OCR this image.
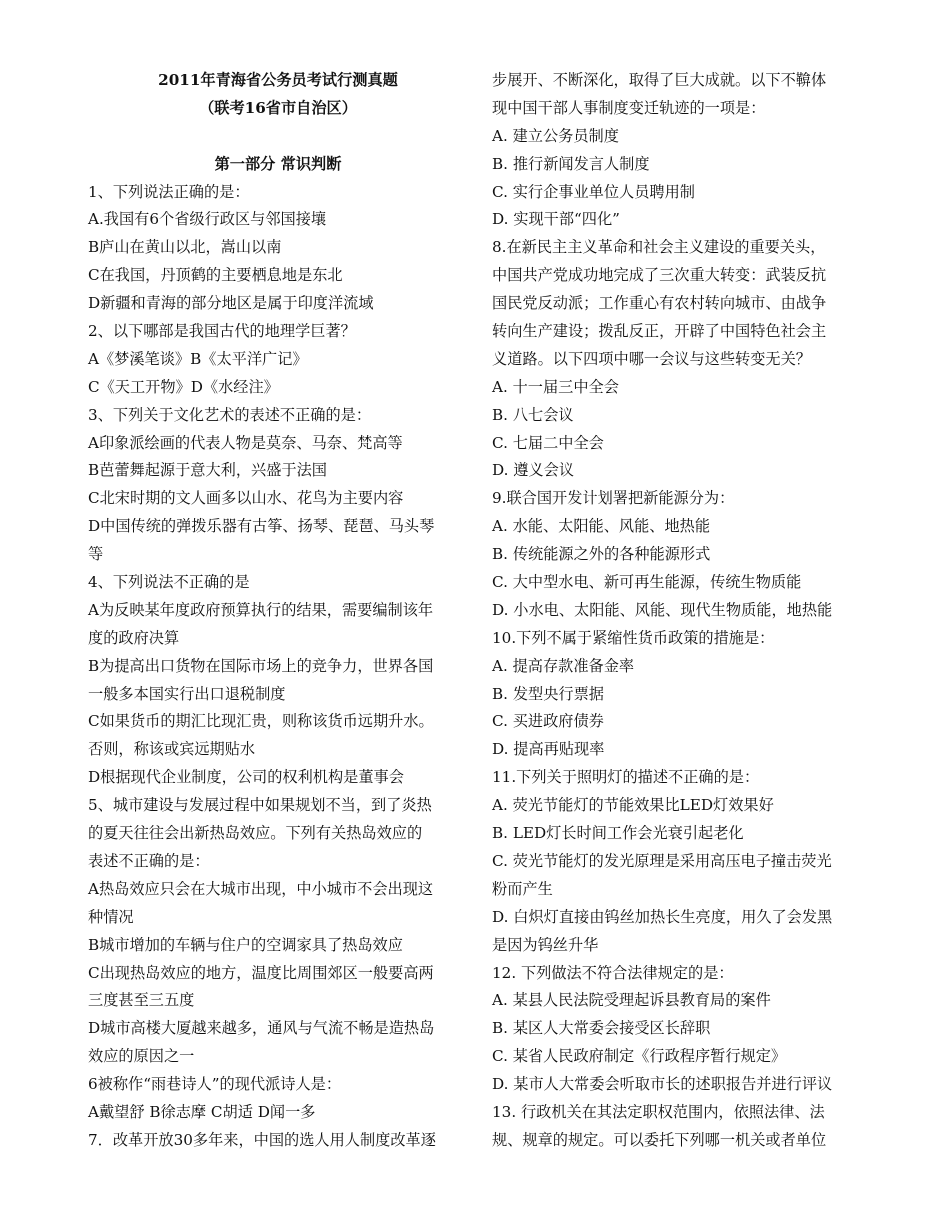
2011年青海省公务员考试行测真题
（联考16省市自治区）
第一部分 常识判断
1、下列说法正确的是：
A.我国有6个省级行政区与邻国接壤
B庐山在黄山以北，嵩山以南
C在我国，丹顶鹤的主要栖息地是东北
D新疆和青海的部分地区是属于印度洋流域
2、以下哪部是我国古代的地理学巨著？
A《梦溪笔谈》B《太平洋广记》
C《天工开物》D《水经注》
3、下列关于文化艺术的表述不正确的是：
A印象派绘画的代表人物是莫奈、马奈、梵高等
B芭蕾舞起源于意大利，兴盛于法国
C北宋时期的文人画多以山水、花鸟为主要内容
D中国传统的弹拨乐器有古筝、扬琴、琵琶、马头琴
等
4、下列说法不正确的是
A为反映某年度政府预算执行的结果，需要编制该年
度的政府决算
B为提高出口货物在国际市场上的竞争力，世界各国
一般多本国实行出口退税制度
C如果货币的期汇比现汇贵，则称该货币远期升水。
否则，称该或宾远期贴水
D根据现代企业制度，公司的权利机构是董事会
5、城市建设与发展过程中如果规划不当，到了炎热
的夏天往往会出新热岛效应。下列有关热岛效应的
表述不正确的是：
A热岛效应只会在大城市出现，中小城市不会出现这
种情况
B城市增加的车辆与住户的空调家具了热岛效应
C出现热岛效应的地方，温度比周围郊区一般要高两
三度甚至三五度
D城市高楼大厦越来越多，通风与气流不畅是造热岛
效应的原因之一
6被称作“雨巷诗人”的现代派诗人是：
A戴望舒 B徐志摩 C胡适 D闻一多
7．改革开放30多年来，中国的选人用人制度改革逐
步展开、不断深化，取得了巨大成就。以下不鞥体
现中国干部人事制度变迁轨迹的一项是：
A. 建立公务员制度
B. 推行新闻发言人制度
C. 实行企事业单位人员聘用制
D. 实现干部“四化”
8.在新民主主义革命和社会主义建设的重要关头，
中国共产党成功地完成了三次重大转变：武装反抗
国民党反动派；工作重心有农村转向城市、由战争
转向生产建设；拨乱反正，开辟了中国特色社会主
义道路。以下四项中哪一会议与这些转变无关？
A. 十一届三中全会
B. 八七会议
C. 七届二中全会
D. 遵义会议
9.联合国开发计划署把新能源分为：
A. 水能、太阳能、风能、地热能
B. 传统能源之外的各种能源形式
C. 大中型水电、新可再生能源，传统生物质能
D. 小水电、太阳能、风能、现代生物质能，地热能
10.下列不属于紧缩性货币政策的措施是：
A. 提高存款准备金率
B. 发型央行票据
C. 买进政府债券
D. 提高再贴现率
11.下列关于照明灯的描述不正确的是：
A. 荧光节能灯的节能效果比LED灯效果好
B. LED灯长时间工作会光衰引起老化
C. 荧光节能灯的发光原理是采用高压电子撞击荧光
粉而产生
D. 白炽灯直接由钨丝加热长生亮度，用久了会发黑
是因为钨丝升华
12. 下列做法不符合法律规定的是：
A. 某县人民法院受理起诉县教育局的案件
B. 某区人大常委会接受区长辞职
C. 某省人民政府制定《行政程序暂行规定》
D. 某市人大常委会听取市长的述职报告并进行评议
13. 行政机关在其法定职权范围内，依照法律、法
规、规章的规定。可以委托下列哪一机关或者单位
